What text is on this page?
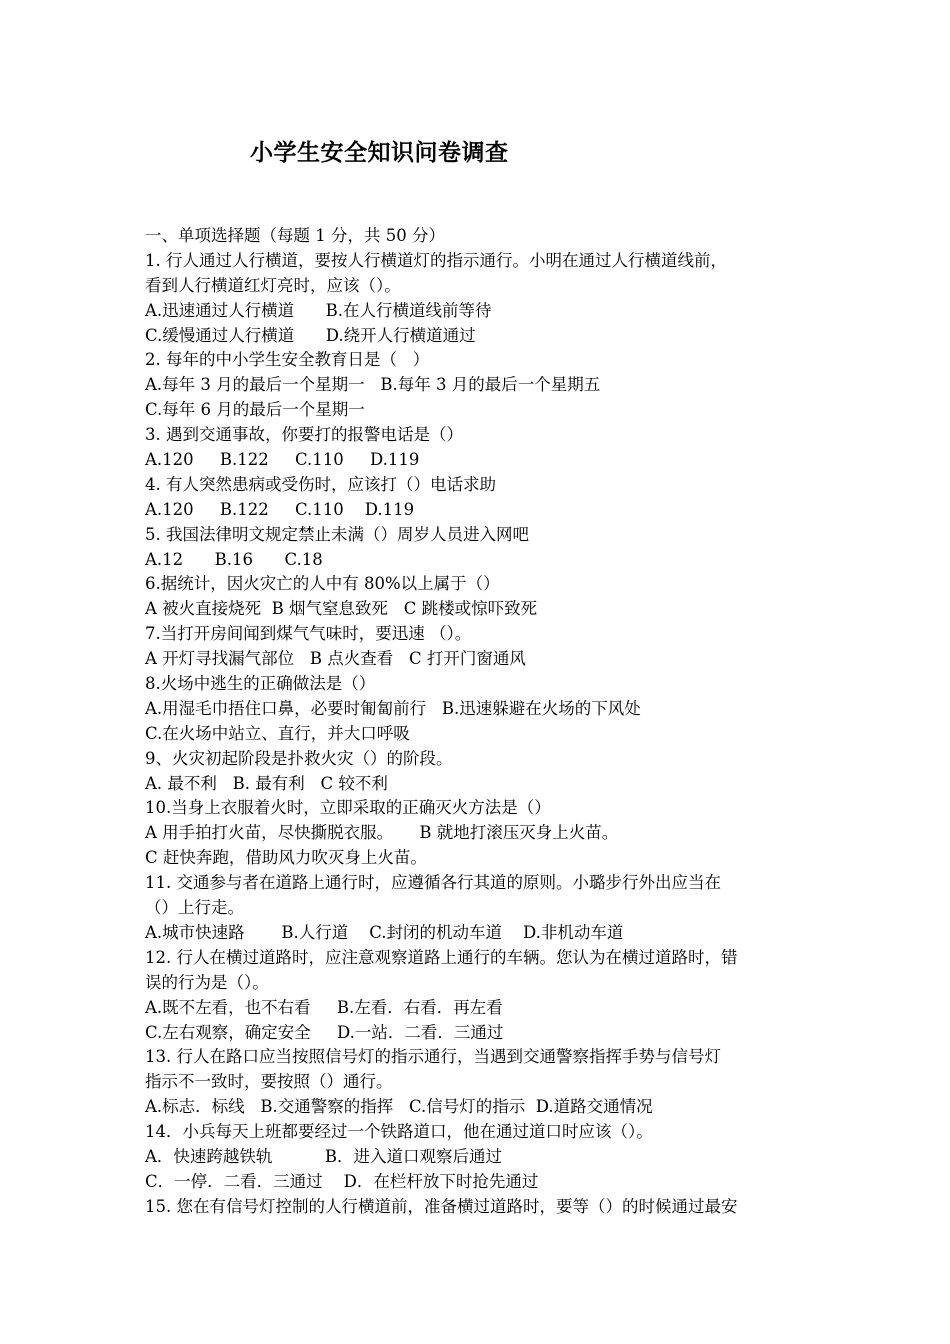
小学生安全知识问卷调查
一、单项选择题（每题 1 分，共 50 分）
1. 行人通过人行横道，要按人行横道灯的指示通行。小明在通过人行横道线前，
看到人行横道红灯亮时，应该（）。
A.迅速通过人行横道      B.在人行横道线前等待
C.缓慢通过人行横道      D.绕开人行横道通过
2. 每年的中小学生安全教育日是（   ）
A.每年 3 月的最后一个星期一   B.每年 3 月的最后一个星期五
C.每年 6 月的最后一个星期一
3. 遇到交通事故，你要打的报警电话是（）
A.120     B.122     C.110     D.119
4. 有人突然患病或受伤时，应该打（）电话求助
A.120     B.122     C.110    D.119
5. 我国法律明文规定禁止未满（）周岁人员进入网吧
A.12      B.16      C.18
6.据统计，因火灾亡的人中有 80%以上属于（）
A 被火直接烧死  B 烟气窒息致死   C 跳楼或惊吓致死
7.当打开房间闻到煤气气味时，要迅速 （）。
A 开灯寻找漏气部位   B 点火查看   C 打开门窗通风
8.火场中逃生的正确做法是（）
A.用湿毛巾捂住口鼻，必要时匍匐前行   B.迅速躲避在火场的下风处
C.在火场中站立、直行，并大口呼吸
9、火灾初起阶段是扑救火灾（）的阶段。
A. 最不利   B. 最有利   C 较不利
10.当身上衣服着火时，立即采取的正确灭火方法是（）
A 用手拍打火苗，尽快撕脱衣服。     B 就地打滚压灭身上火苗。
C 赶快奔跑，借助风力吹灭身上火苗。
11. 交通参与者在道路上通行时，应遵循各行其道的原则。小璐步行外出应当在
（）上行走。
A.城市快速路       B.人行道    C.封闭的机动车道    D.非机动车道
12. 行人在横过道路时，应注意观察道路上通行的车辆。您认为在横过道路时，错
误的行为是（）。
A.既不左看，也不右看     B.左看．右看．再左看
C.左右观察，确定安全     D.一站．二看．三通过
13. 行人在路口应当按照信号灯的指示通行，当遇到交通警察指挥手势与信号灯
指示不一致时，要按照（）通行。
A.标志．标线   B.交通警察的指挥   C.信号灯的指示  D.道路交通情况
14．小兵每天上班都要经过一个铁路道口，他在通过道口时应该（）。
A．快速跨越铁轨          B．进入道口观察后通过
C．一停．二看．三通过    D．在栏杆放下时抢先通过
15. 您在有信号灯控制的人行横道前，准备横过道路时，要等（）的时候通过最安
